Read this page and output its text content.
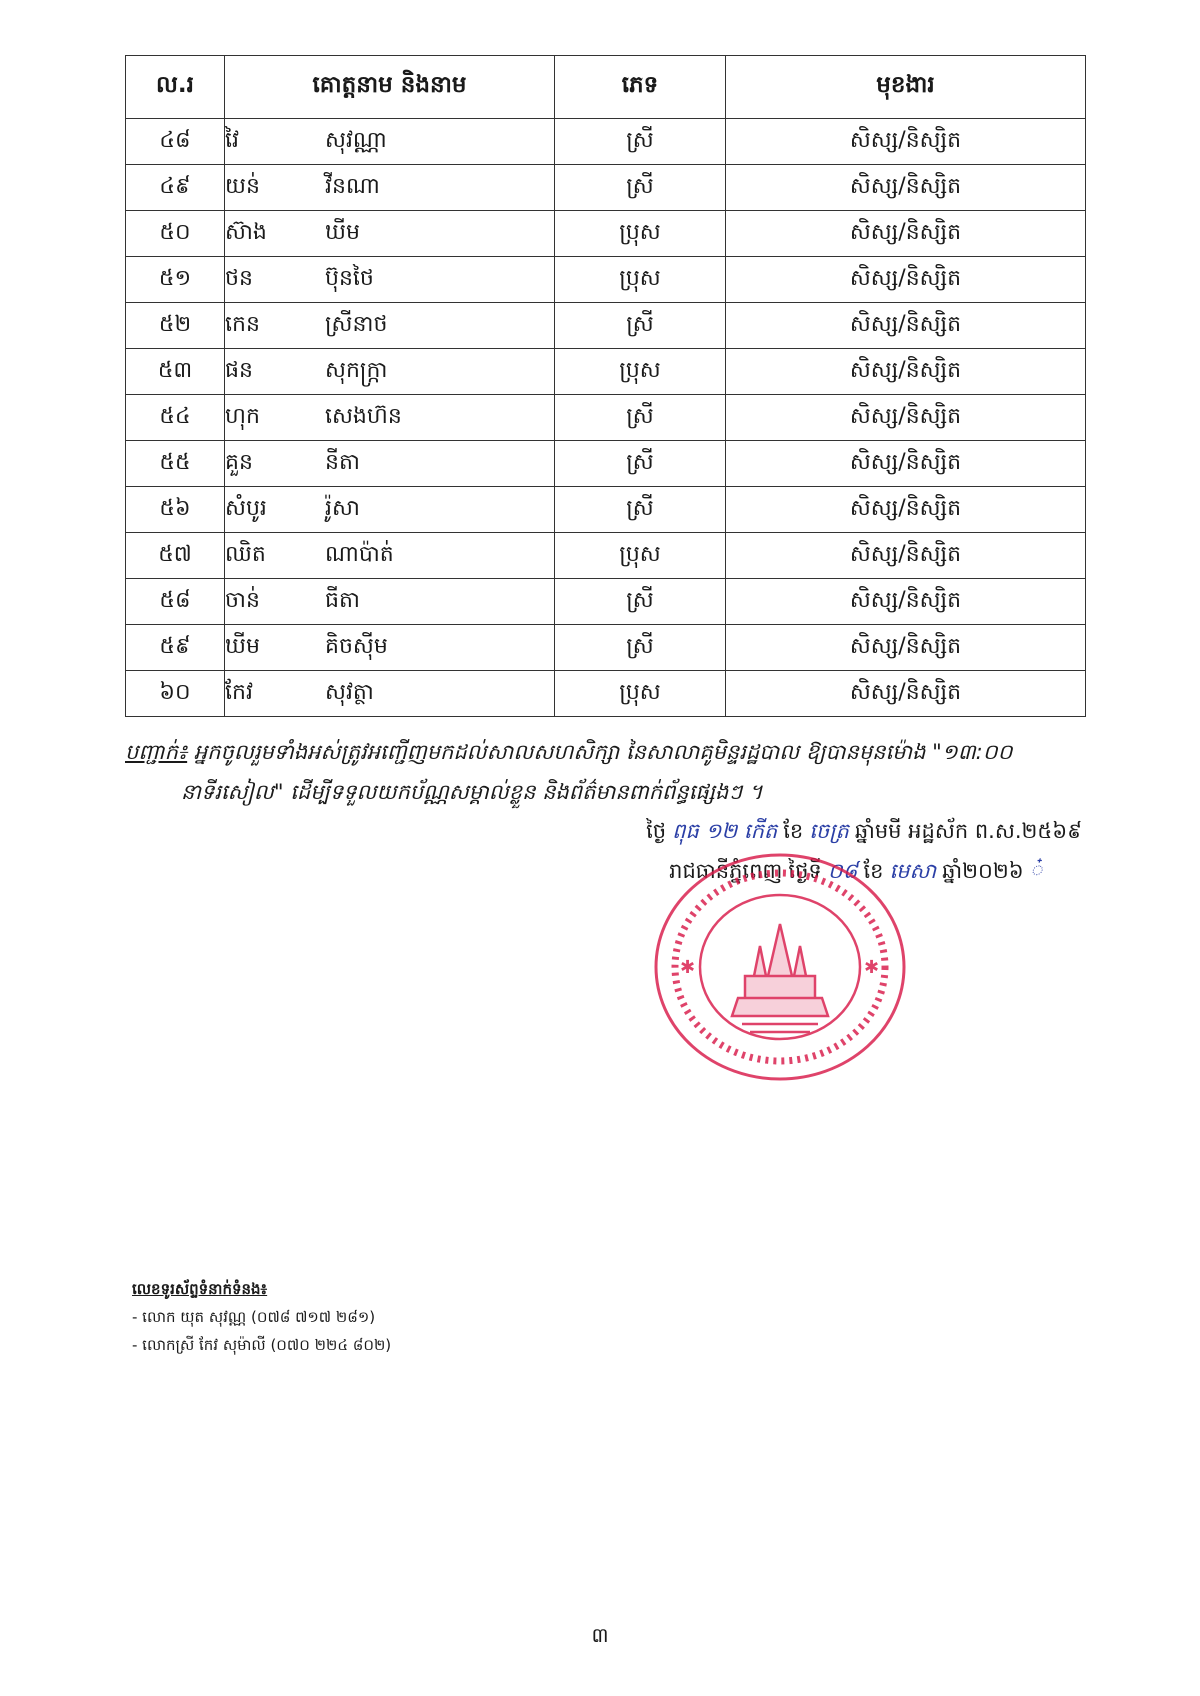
ល.រ	គោត្តនាម និងនាម	ភេទ	មុខងារ
៤៨	វៃ សុវណ្ណា	ស្រី	សិស្ស/និស្សិត
៤៩	យន់ វីនណា	ស្រី	សិស្ស/និស្សិត
៥០	ស៊ាង ឃីម	ប្រុស	សិស្ស/និស្សិត
៥១	ថន ប៊ុនថៃ	ប្រុស	សិស្ស/និស្សិត
៥២	កេន ស្រីនាថ	ស្រី	សិស្ស/និស្សិត
៥៣	ផន សុកក្រ្កា	ប្រុស	សិស្ស/និស្សិត
៥៤	ហុក សេងហ៊ន	ស្រី	សិស្ស/និស្សិត
៥៥	គួន នីតា	ស្រី	សិស្ស/និស្សិត
៥៦	សំបូរ រ៉ូសា	ស្រី	សិស្ស/និស្សិត
៥៧	ឈិត ណាប៉ាត់	ប្រុស	សិស្ស/និស្សិត
៥៨	ចាន់ ធីតា	ស្រី	សិស្ស/និស្សិត
៥៩	ឃីម គិចស៊ីម	ស្រី	សិស្ស/និស្សិត
៦០	កែវ សុវត្ថា	ប្រុស	សិស្ស/និស្សិត
បញ្ជាក់៖ អ្នកចូលរួមទាំងអស់ត្រូវអញ្ជើញមកដល់សាលសហសិក្សា នៃសាលាគូមិន្ទរដ្ឋបាល ឱ្យបានមុនម៉ោង "១៣:០០
នាទីរសៀល" ដើម្បីទទួលយកប័ណ្ណសម្គាល់ខ្លួន និងព័ត៌មានពាក់ព័ន្ធផ្សេងៗ ។
ថ្ងៃ ពុធ ១២ កើត ខែ ចេត្រ ឆ្នាំមមី អដ្ឋស័ក ព.ស.២៥៦៩
រាជធានីភ្នំពេញ ថ្ងៃទី ០៨ ខែ មេសា ឆ្នាំ២០២៦ ៎
✱	✱
លេខទូរស័ព្ទទំនាក់ទំនង៖
- លោក យុត សុវណ្ណ (០៧៨ ៧១៧ ២៨១)
- លោកស្រី កែវ សុម៉ាលី (០៧០ ២២៤ ៨០២)
៣
